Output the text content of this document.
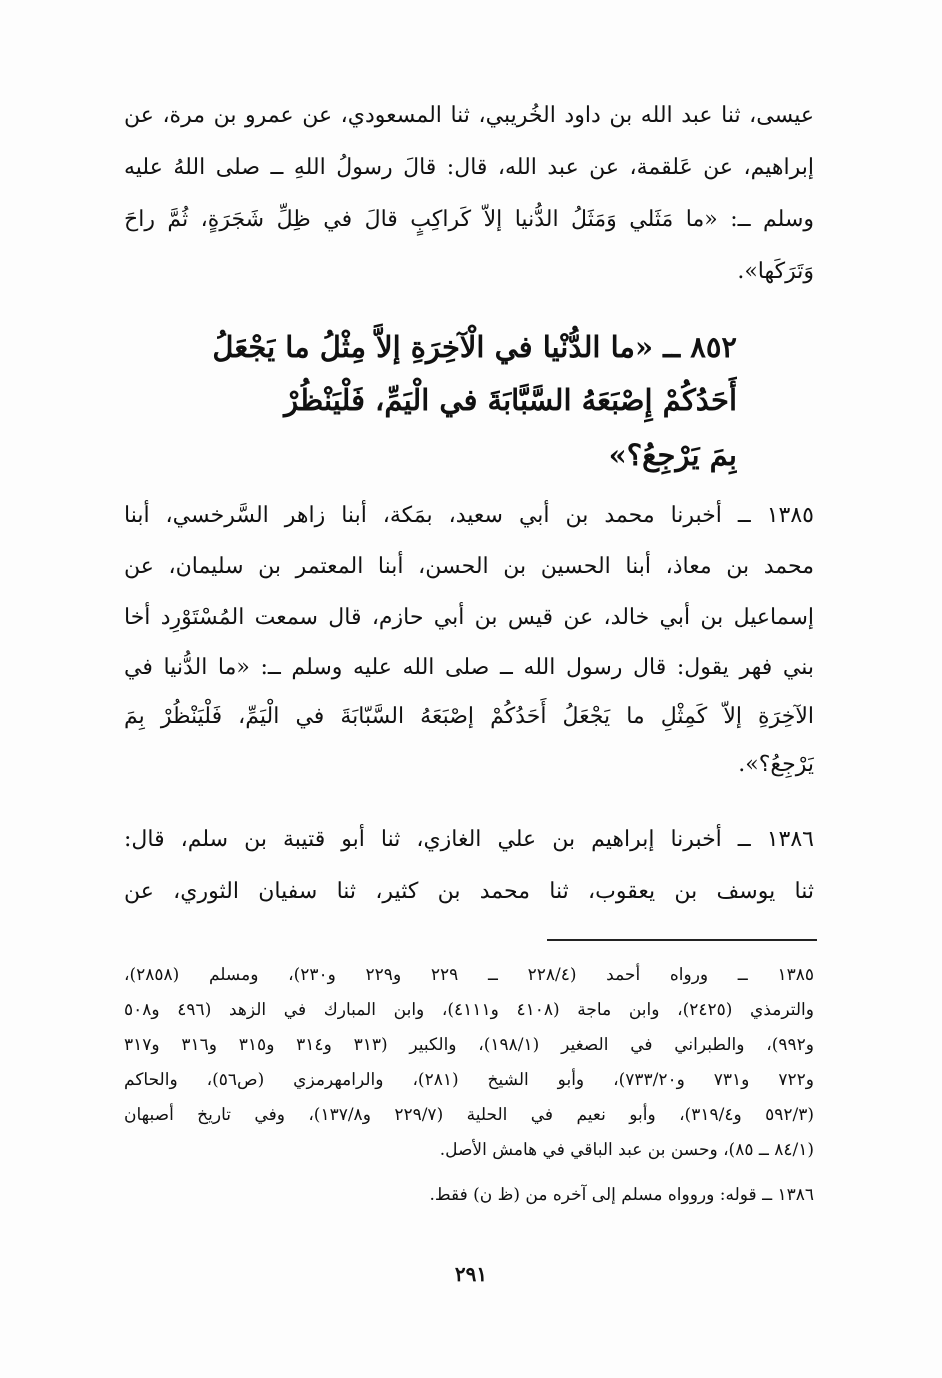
عيسى، ثنا عبد الله بن داود الخُريبي، ثنا المسعودي، عن عمرو بن مرة، عن
إبراهيم، عن عَلقمة، عن عبد الله، قال: قالَ رسولُ اللهِ ــ صلى اللهُ عليه
وسلم ــ: «ما مَثَلي وَمَثَلُ الدُّنيا إلاّ كَراكِبٍ قالَ في ظِلِّ شَجَرَةٍ، ثُمَّ راحَ
وَتَرَكَها».
٨٥٢ ــ «ما الدُّنْيا في الْآخِرَةِ إلاَّ مِثْلُ ما يَجْعَلُ
أَحَدُكُمْ إِصْبَعَهُ السَّبَّابَةَ في الْيَمِّ، فَلْيَنْظُرْ
بِمَ يَرْجِعُ؟»
١٣٨٥ ــ أخبرنا محمد بن أبي سعيد، بمَكة، أبنا زاهر السَّرخسي، أبنا
محمد بن معاذ، أبنا الحسين بن الحسن، أبنا المعتمر بن سليمان، عن
إسماعيل بن أبي خالد، عن قيس بن أبي حازم، قال سمعت المُسْتَوْرِد أخا
بني فهر يقول: قال رسول الله ــ صلى الله عليه وسلم ــ: «ما الدُّنيا في
الآخِرَةِ إلاّ كَمِثْلِ ما يَجْعَلُ أَحَدُكُمْ إصْبَعَهُ السَّبّابَةَ في الْيَمِّ، فَلْيَنْظُرْ بِمَ
يَرْجِعُ؟».
١٣٨٦ ــ أخبرنا إبراهيم بن علي الغازي، ثنا أبو قتيبة بن سلم، قال:
ثنا يوسف بن يعقوب، ثنا محمد بن كثير، ثنا سفيان الثوري، عن
١٣٨٥ ــ ورواه أحمد (٢٢٨/٤ ــ ٢٢٩ و٢٢٩ و٢٣٠)، ومسلم (٢٨٥٨)،
والترمذي (٢٤٢٥)، وابن ماجة (٤١٠٨ و٤١١١)، وابن المبارك في الزهد (٤٩٦ و٥٠٨
و٩٩٢)، والطبراني في الصغير (١٩٨/١)، والكبير (٣١٣ و٣١٤ و٣١٥ و٣١٦ و٣١٧
و٧٢٢ و٧٣١ و٧٣٣/٢٠)، وأبو الشيخ (٢٨١)، والرامهرمزي (ص٥٦)، والحاكم
(٥٩٢/٣ و٣١٩/٤)، وأبو نعيم في الحلية (٢٢٩/٧ و١٣٧/٨)، وفي تاريخ أصبهان
(٨٤/١ ــ ٨٥)، وحسن بن عبد الباقي في هامش الأصل.
١٣٨٦ ــ قوله: وروواه مسلم إلى آخره من (ظ ن) فقط.
٢٩١
